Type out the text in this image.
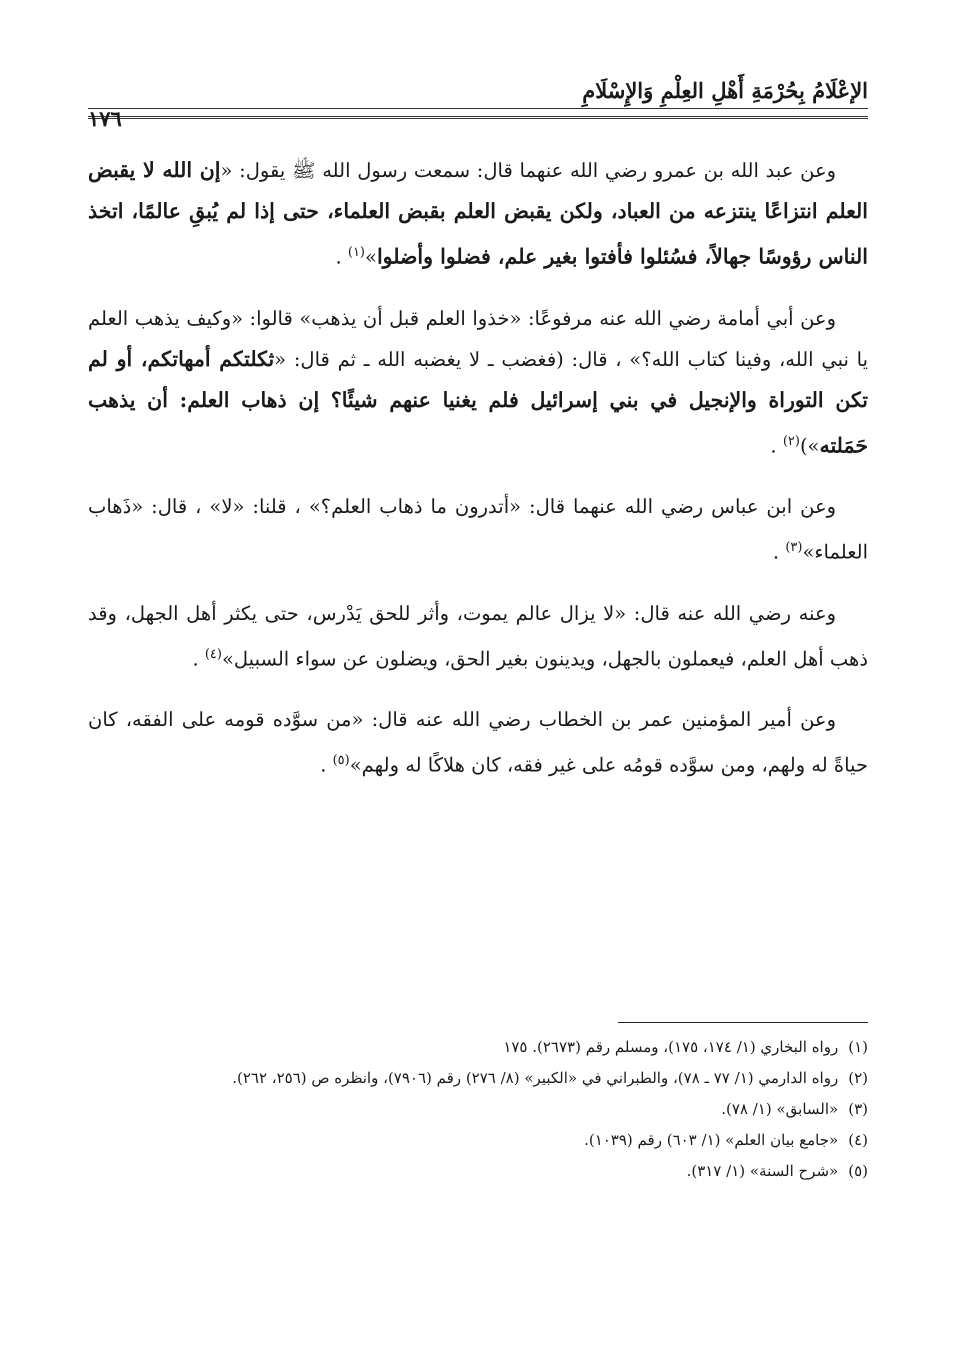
الإعْلَامُ بِحُرْمَةِ أَهْلِ العِلْمِ وَالإِسْلَامِ
١٧٦

وعن عبد الله بن عمرو رضي الله عنهما قال: سمعت رسول الله ﷺ يقول: «إن الله لا يقبض العلم انتزاعًا ينتزعه من العباد، ولكن يقبض العلم بقبض العلماء، حتى إذا لم يُبقِ عالمًا، اتخذ الناس رؤوسًا جهالاً، فسُئلوا فأفتوا بغير علم، فضلوا وأضلوا»$^{(١)}$ .

وعن أبي أمامة رضي الله عنه مرفوعًا: «خذوا العلم قبل أن يذهب» قالوا: «وكيف يذهب العلم يا نبي الله، وفينا كتاب الله؟» ، قال: (فغضب ـ لا يغضبه الله ـ ثم قال: «ثكلتكم أمهاتكم، أو لم تكن التوراة والإنجيل في بني إسرائيل فلم يغنيا عنهم شيئًا؟ إن ذهاب العلم: أن يذهب حَمَلته»)$^{(٢)}$ .

وعن ابن عباس رضي الله عنهما قال: «أتدرون ما ذهاب العلم؟» ، قلنا: «لا» ، قال: «ذَهاب العلماء»$^{(٣)}$ .

وعنه رضي الله عنه قال: «لا يزال عالم يموت، وأثر للحق يَدْرس، حتى يكثر أهل الجهل، وقد ذهب أهل العلم، فيعملون بالجهل، ويدينون بغير الحق، ويضلون عن سواء السبيل»$^{(٤)}$ .

وعن أمير المؤمنين عمر بن الخطاب رضي الله عنه قال: «من سوَّده قومه على الفقه، كان حياةً له ولهم، ومن سوَّده قومُه على غير فقه، كان هلاكًا له ولهم»$^{(٥)}$ .

(١)رواه البخاري (١/ ١٧٤، ١٧٥)، ومسلم رقم (٢٦٧٣). ١٧٥

(٢)رواه الدارمي (١/ ٧٧ ـ ٧٨)، والطبراني في «الكبير» (٨/ ٢٧٦) رقم (٧٩٠٦)، وانظره ص (٢٥٦، ٢٦٢).

(٣)«السابق» (١/ ٧٨).

(٤)«جامع بيان العلم» (١/ ٦٠٣) رقم (١٠٣٩).

(٥)«شرح السنة» (١/ ٣١٧).
